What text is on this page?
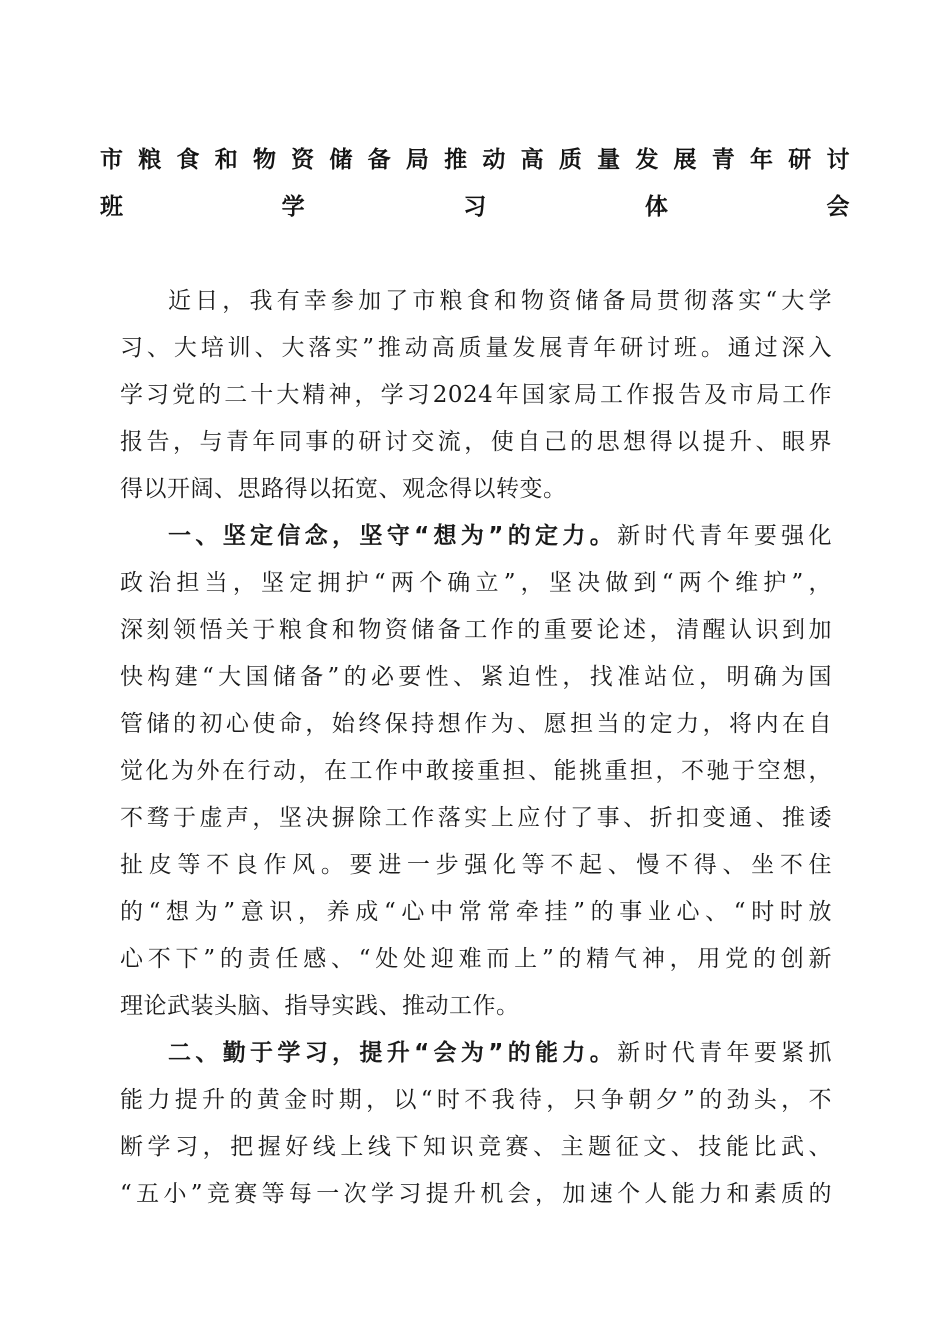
市粮食和物资储备局推动高质量发展青年研讨
班学习体会
近日，我有幸参加了市粮食和物资储备局贯彻落实“大学
习、大培训、大落实”推动高质量发展青年研讨班。通过深入
学习党的二十大精神，学习2024年国家局工作报告及市局工作
报告，与青年同事的研讨交流，使自己的思想得以提升、眼界
得以开阔、思路得以拓宽、观念得以转变。
一、坚定信念，坚守“想为”的定力。新时代青年要强化
政治担当，坚定拥护“两个确立”，坚决做到“两个维护”，
深刻领悟关于粮食和物资储备工作的重要论述，清醒认识到加
快构建“大国储备”的必要性、紧迫性，找准站位，明确为国
管储的初心使命，始终保持想作为、愿担当的定力，将内在自
觉化为外在行动，在工作中敢接重担、能挑重担，不驰于空想，
不骛于虚声，坚决摒除工作落实上应付了事、折扣变通、推诿
扯皮等不良作风。要进一步强化等不起、慢不得、坐不住
的“想为”意识，养成“心中常常牵挂”的事业心、“时时放
心不下”的责任感、“处处迎难而上”的精气神，用党的创新
理论武装头脑、指导实践、推动工作。
二、勤于学习，提升“会为”的能力。新时代青年要紧抓
能力提升的黄金时期，以“时不我待，只争朝夕”的劲头，不
断学习，把握好线上线下知识竞赛、主题征文、技能比武、
“五小”竞赛等每一次学习提升机会，加速个人能力和素质的
